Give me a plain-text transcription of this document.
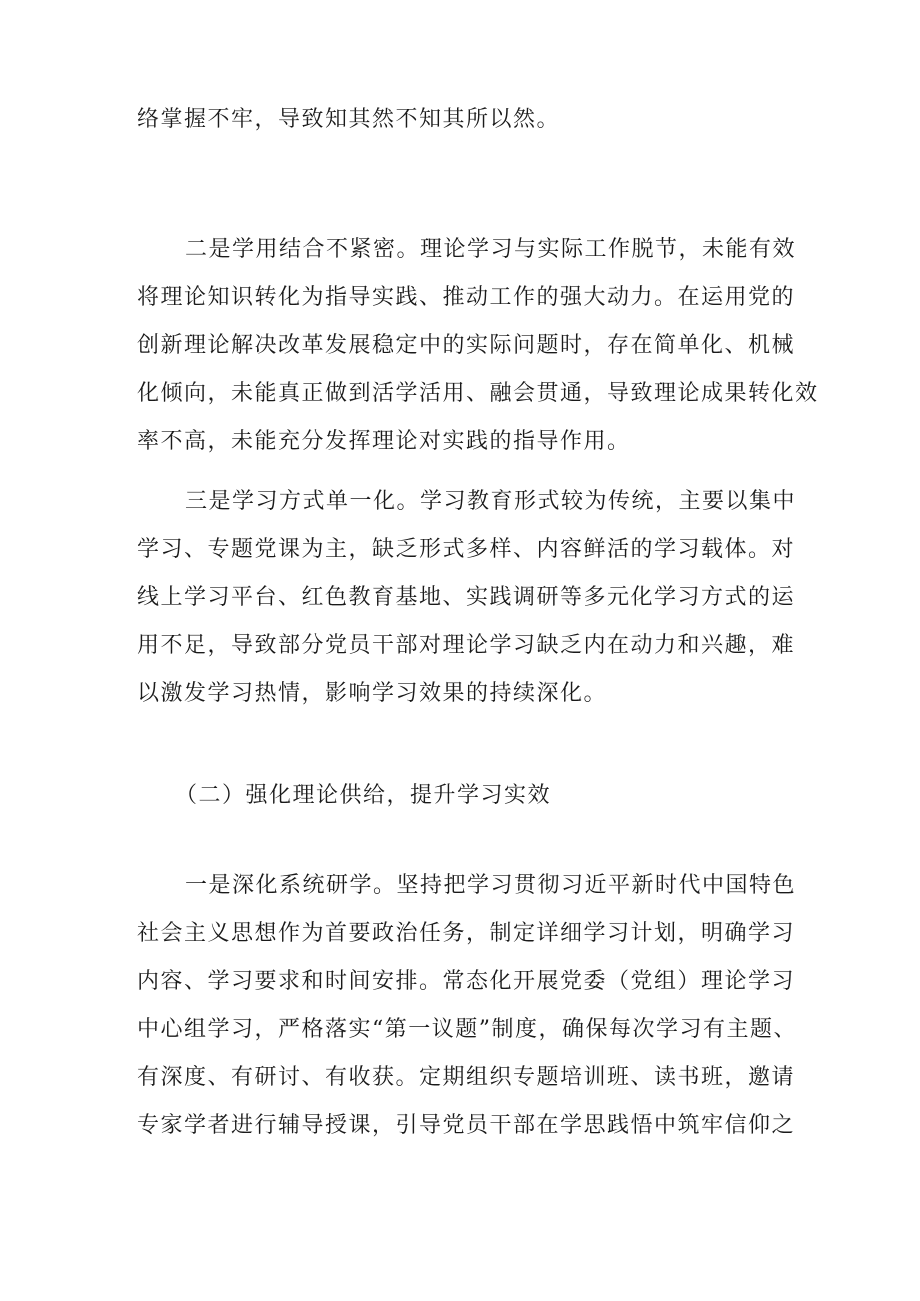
络掌握不牢，导致知其然不知其所以然。
二是学用结合不紧密。理论学习与实际工作脱节，未能有效
将理论知识转化为指导实践、推动工作的强大动力。在运用党的
创新理论解决改革发展稳定中的实际问题时，存在简单化、机械
化倾向，未能真正做到活学活用、融会贯通，导致理论成果转化效
率不高，未能充分发挥理论对实践的指导作用。
三是学习方式单一化。学习教育形式较为传统，主要以集中
学习、专题党课为主，缺乏形式多样、内容鲜活的学习载体。对
线上学习平台、红色教育基地、实践调研等多元化学习方式的运
用不足，导致部分党员干部对理论学习缺乏内在动力和兴趣，难
以激发学习热情，影响学习效果的持续深化。
（二）强化理论供给，提升学习实效
一是深化系统研学。坚持把学习贯彻习近平新时代中国特色
社会主义思想作为首要政治任务，制定详细学习计划，明确学习
内容、学习要求和时间安排。常态化开展党委（党组）理论学习
中心组学习，严格落实“第一议题”制度，确保每次学习有主题、
有深度、有研讨、有收获。定期组织专题培训班、读书班，邀请
专家学者进行辅导授课，引导党员干部在学思践悟中筑牢信仰之
